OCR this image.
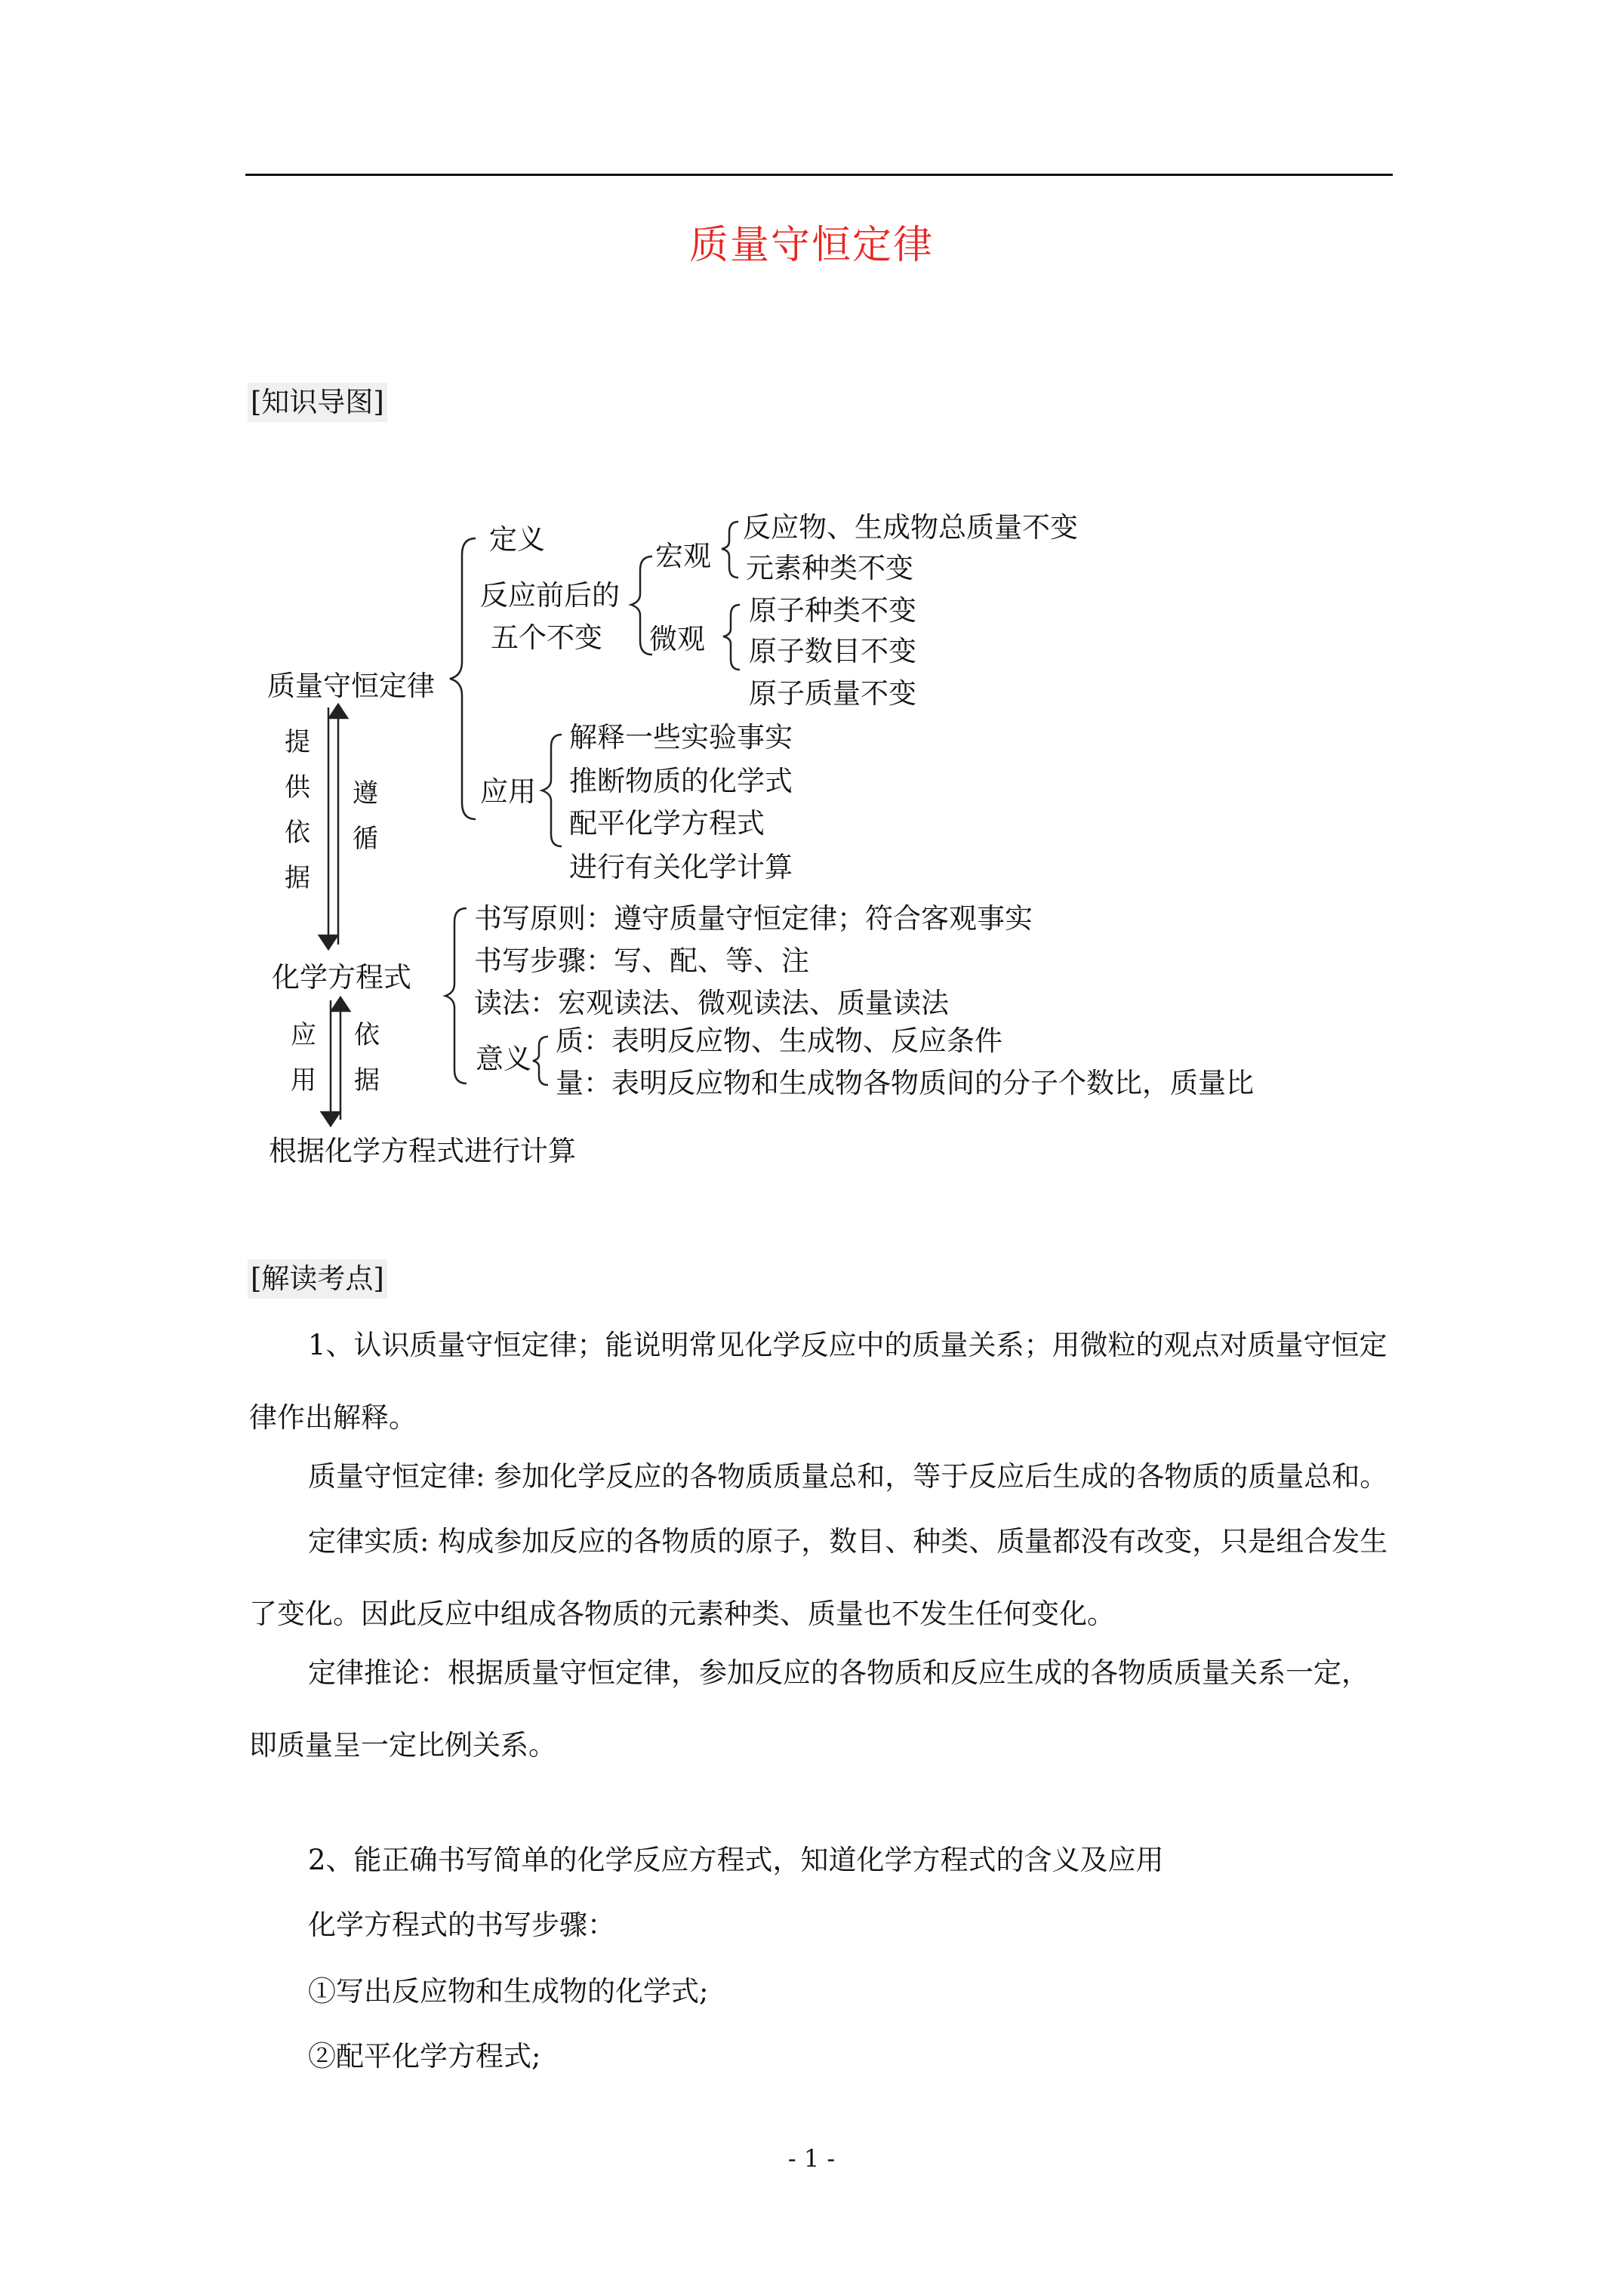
质量守恒定律
[知识导图]
质量守恒定律
定义
反应前后的
五个不变
宏观
反应物、生成物总质量不变
元素种类不变
微观
原子种类不变
原子数目不变
原子质量不变
应用
解释一些实验事实
推断物质的化学式
配平化学方程式
进行有关化学计算
提供依据
遵循
化学方程式
书写原则：遵守质量守恒定律；符合客观事实
书写步骤：写、配、等、注
读法：宏观读法、微观读法、质量读法
意义
质：表明反应物、生成物、反应条件
量：表明反应物和生成物各物质间的分子个数比，质量比
应用
依据
根据化学方程式进行计算
[解读考点]
1、认识质量守恒定律；能说明常见化学反应中的质量关系；用微粒的观点对质量守恒定律作出解释。
质量守恒定律: 参加化学反应的各物质质量总和，等于反应后生成的各物质的质量总和。
定律实质: 构成参加反应的各物质的原子，数目、种类、质量都没有改变，只是组合发生了变化。因此反应中组成各物质的元素种类、质量也不发生任何变化。
定律推论：根据质量守恒定律，参加反应的各物质和反应生成的各物质质量关系一定，即质量呈一定比例关系。
2、能正确书写简单的化学反应方程式，知道化学方程式的含义及应用
化学方程式的书写步骤：
①写出反应物和生成物的化学式;
②配平化学方程式;
- 1 -
